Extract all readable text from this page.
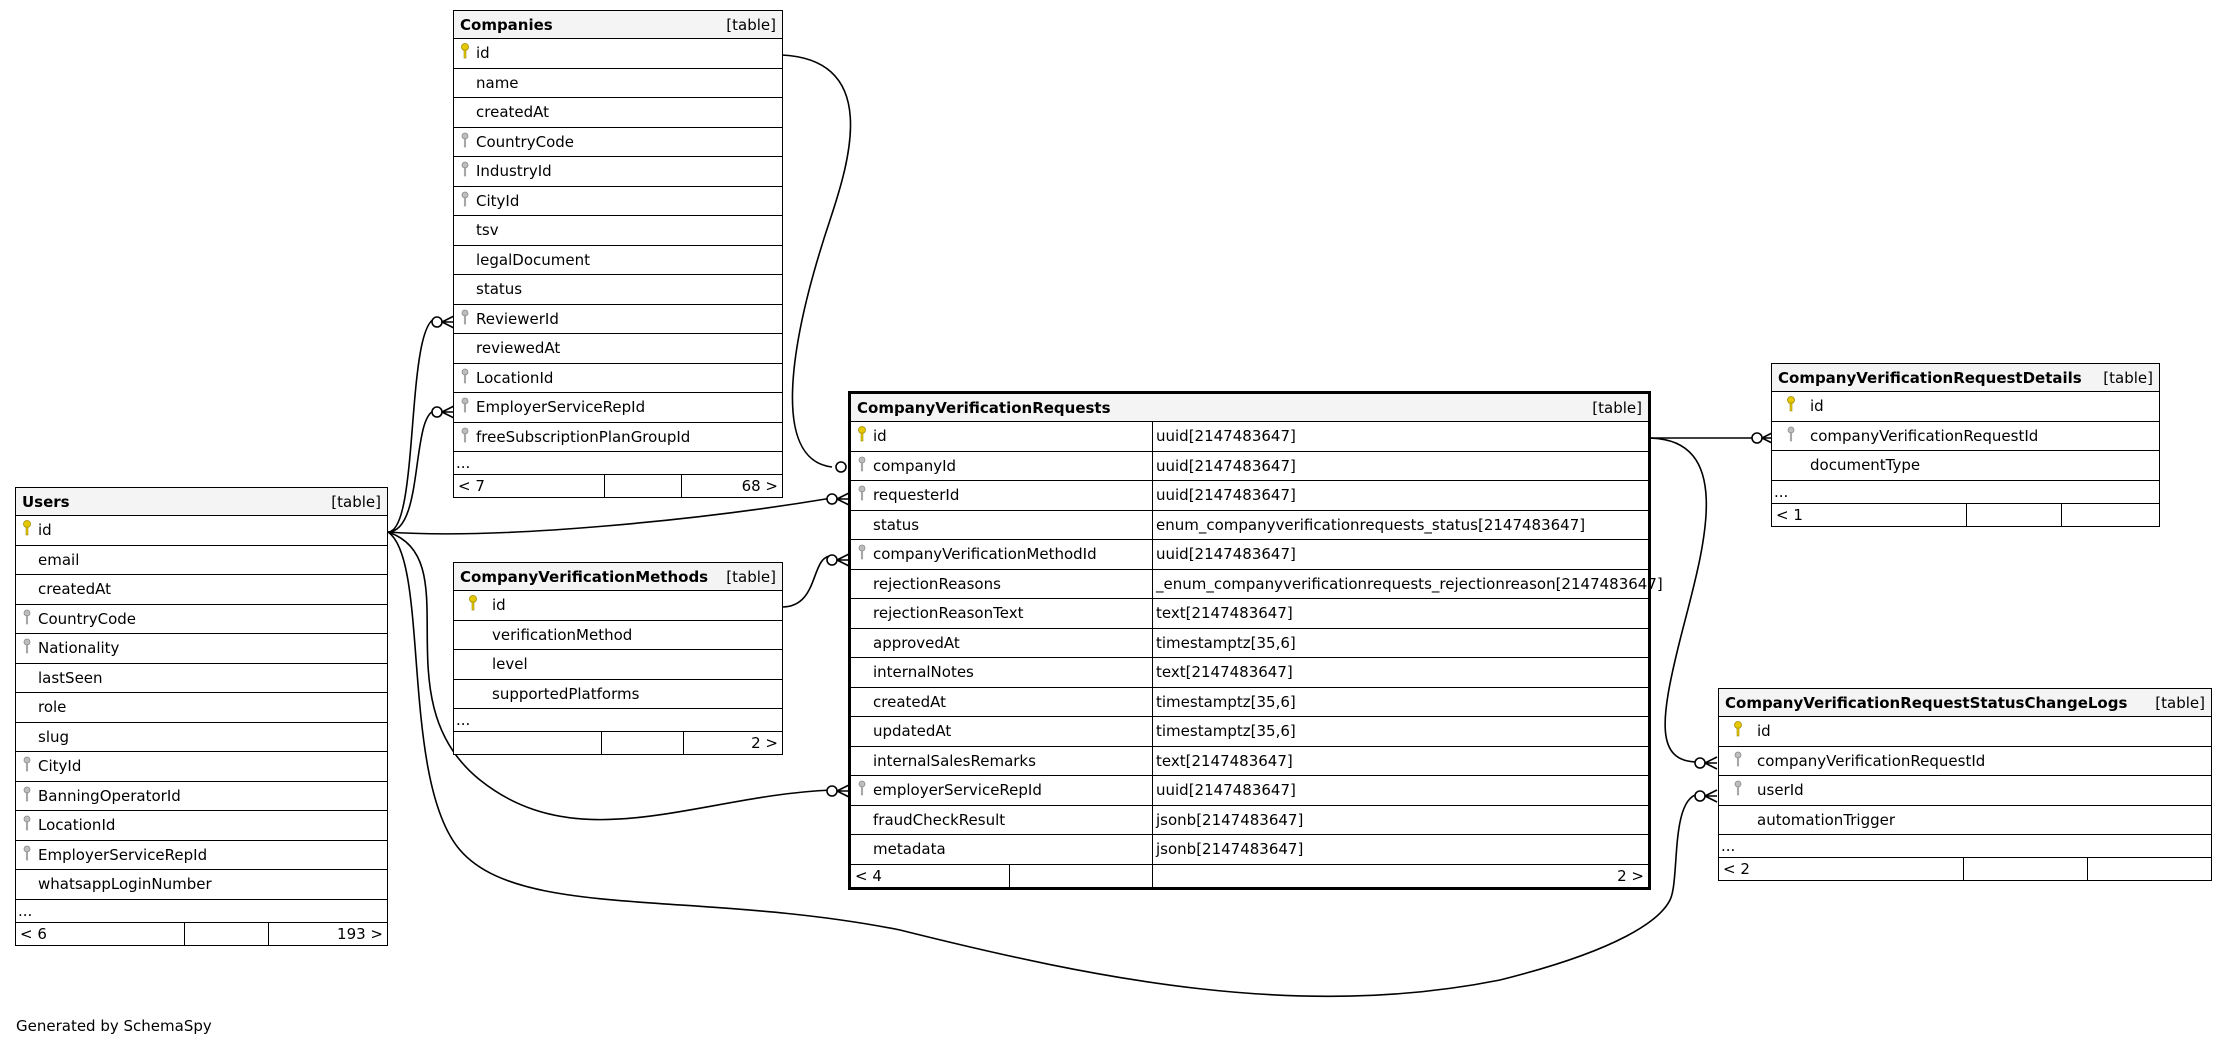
Companies	[table]
id
name
createdAt
CountryCode
IndustryId
CityId
tsv
legalDocument
status
ReviewerId
reviewedAt
LocationId
EmployerServiceRepId
freeSubscriptionPlanGroupId
...
< 7	68 >
Users	[table]
id
email
createdAt
CountryCode
Nationality
lastSeen
role
slug
CityId
BanningOperatorId
LocationId
EmployerServiceRepId
whatsappLoginNumber
...
< 6	193 >
CompanyVerificationMethods [table]
id
verificationMethod
level
supportedPlatforms
...
2 >
CompanyVerificationRequests	[table]
id	uuid[2147483647]
companyId	uuid[2147483647]
requesterId	uuid[2147483647]
status	enum_companyverificationrequests_status[2147483647]
companyVerificationMethodId	uuid[2147483647]
rejectionReasons	_enum_companyverificationrequests_rejectionreason[2147483647]
rejectionReasonText	text[2147483647]
approvedAt	timestamptz[35,6]
internalNotes	text[2147483647]
createdAt	timestamptz[35,6]
updatedAt	timestamptz[35,6]
internalSalesRemarks	text[2147483647]
employerServiceRepId	uuid[2147483647]
fraudCheckResult	jsonb[2147483647]
metadata	jsonb[2147483647]
< 4	2 >
CompanyVerificationRequestDetails [table]
id
companyVerificationRequestId
documentType
...
< 1
CompanyVerificationRequestStatusChangeLogs [table]
id
companyVerificationRequestId
userId
automationTrigger
...
< 2
Generated by SchemaSpy
